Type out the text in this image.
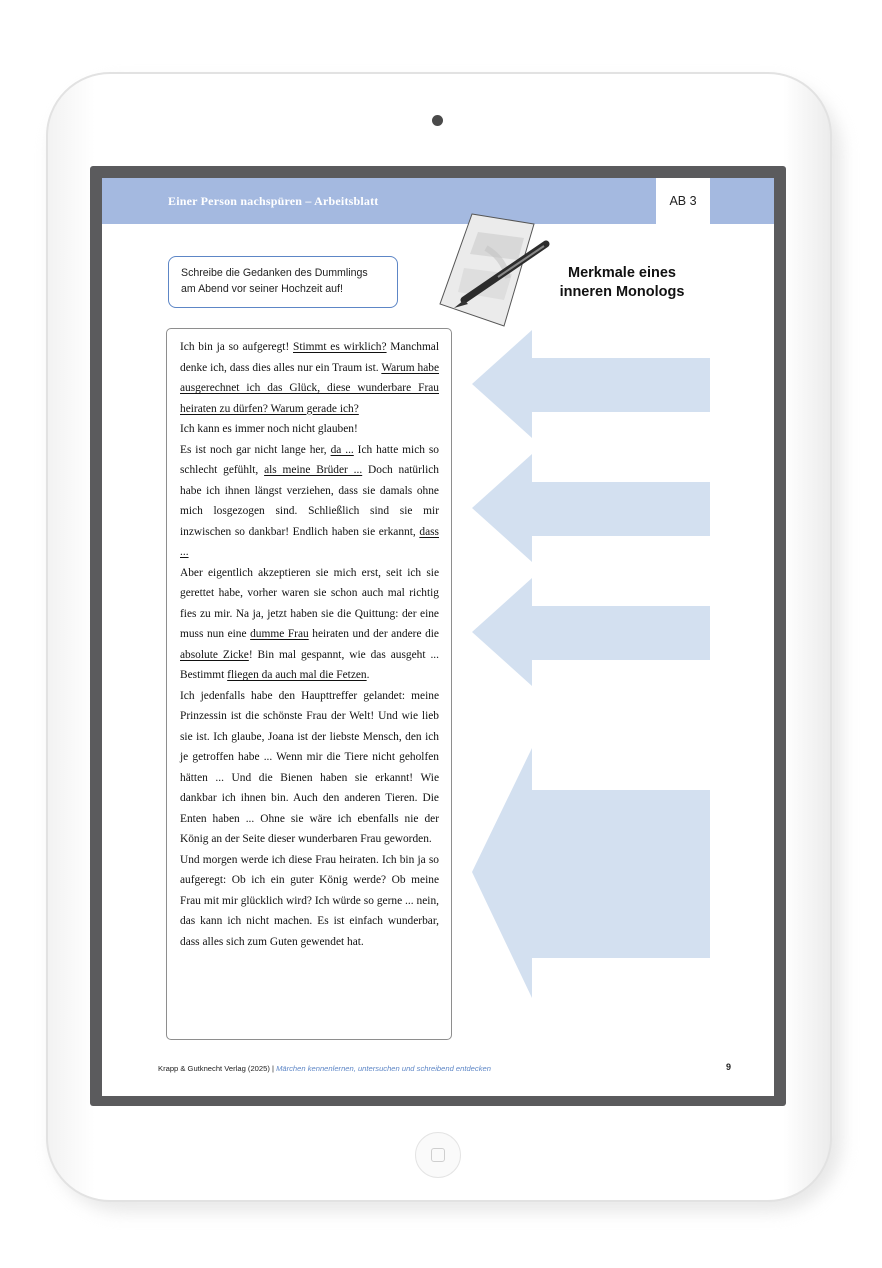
Einer Person nachspüren – Arbeitsblatt	AB 3
Schreibe die Gedanken des Dummlings am Abend vor seiner Hochzeit auf!
Merkmale eines
inneren Monologs

Ich bin ja so aufgeregt! Stimmt es wirklich? Manchmal denke ich, dass dies alles nur ein Traum ist. Warum habe ausgerechnet ich das Glück, diese wunderbare Frau heiraten zu dürfen? Warum gerade ich?

Ich kann es immer noch nicht glauben!

Es ist noch gar nicht lange her, da ... Ich hatte mich so schlecht gefühlt, als meine Brüder ... Doch natürlich habe ich ihnen längst verziehen, dass sie damals ohne mich losgezogen sind. Schließlich sind sie mir inzwischen so dankbar! Endlich haben sie erkannt, dass ...

Aber eigentlich akzeptieren sie mich erst, seit ich sie gerettet habe, vorher waren sie schon auch mal richtig fies zu mir. Na ja, jetzt haben sie die Quittung: der eine muss nun eine dumme Frau heiraten und der andere die absolute Zicke! Bin mal gespannt, wie das ausgeht ... Bestimmt fliegen da auch mal die Fetzen.

Ich jedenfalls habe den Haupttreffer gelandet: meine Prinzessin ist die schönste Frau der Welt! Und wie lieb sie ist. Ich glaube, Joana ist der liebste Mensch, den ich je getroffen habe ... Wenn mir die Tiere nicht geholfen hätten ... Und die Bienen haben sie erkannt! Wie dankbar ich ihnen bin. Auch den anderen Tieren. Die Enten haben ... Ohne sie wäre ich ebenfalls nie der König an der Seite dieser wunderbaren Frau geworden.

Und morgen werde ich diese Frau heiraten. Ich bin ja so aufgeregt: Ob ich ein guter König werde? Ob meine Frau mit mir glücklich wird? Ich würde so gerne ... nein, das kann ich nicht machen. Es ist einfach wunderbar, dass alles sich zum Guten gewendet hat.

Krapp & Gutknecht Verlag (2025) | Märchen kennenlernen, untersuchen und schreibend entdecken	9
